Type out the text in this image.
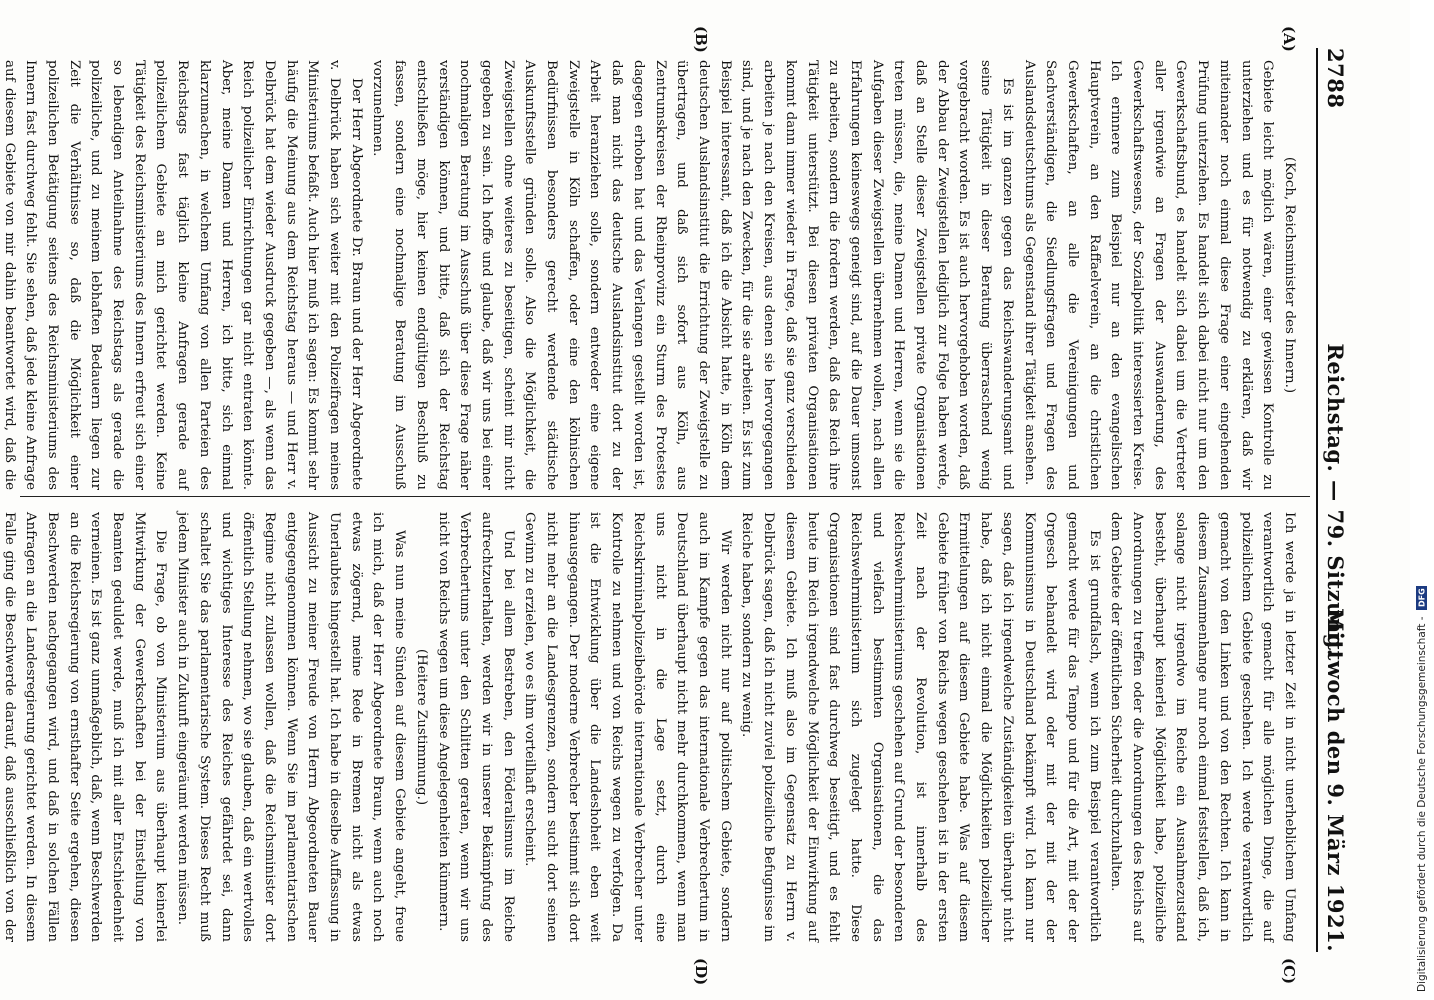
2788
Reichstag. — 79. Sitzung.
Mittwoch den 9. März 1921.
(A)
(B)
(C)
(D)

(Koch, Reichsminister des Innern.)

Gebiete leicht möglich wären, einer gewissen Kontrolle zu unterziehen und es für notwendig zu erklären, daß wir miteinander noch einmal diese Frage einer eingehenden Prüfung unterziehen. Es handelt sich dabei nicht nur um den Gewerkschaftsbund, es handelt sich dabei um die Vertreter aller irgendwie an Fragen der Auswanderung, des Gewerkschaftswesens, der Sozialpolitik interessierten Kreise. Ich erinnere zum Beispiel nur an den evangelischen Hauptverein, an den Raffaelverein, an die christlichen Gewerkschaften, an alle die Vereinigungen und Sachverständigen, die Siedlungsfragen und Fragen des Auslandsdeutschtums als Gegenstand ihrer Tätigkeit ansehen.

Es ist im ganzen gegen das Reichswanderungsamt und seine Tätigkeit in dieser Beratung überraschend wenig vorgebracht worden. Es ist auch hervorgehoben worden, daß der Abbau der Zweigstellen lediglich zur Folge haben werde, daß an Stelle dieser Zweigstellen private Organisationen treten müssen, die, meine Damen und Herren, wenn sie die Aufgaben dieser Zweigstellen übernehmen wollen, nach allen Erfahrungen keineswegs geneigt sind, auf die Dauer umsonst zu arbeiten, sondern die fordern werden, daß das Reich ihre Tätigkeit unterstützt. Bei diesen privaten Organisationen kommt dann immer wieder in Frage, daß sie ganz verschieden arbeiten je nach den Kreisen, aus denen sie hervorgegangen sind, und je nach den Zwecken, für die sie arbeiten. Es ist zum Beispiel interessant, daß ich die Absicht hatte, in Köln dem deutschen Auslandsinstitut die Errichtung der Zweigstelle zu übertragen, und daß sich sofort aus Köln, aus Zentrumskreisen der Rheinprovinz ein Sturm des Protestes dagegen erhoben hat und das Verlangen gestellt worden ist, daß man nicht das deutsche Auslandsinstitut dort zu der Arbeit heranziehen solle, sondern entweder eine eigene Zweigstelle in Köln schaffen, oder eine den kölnischen Bedürfnissen besonders gerecht werdende städtische Auskunftsstelle gründen solle. Also die Möglichkeit, die Zweigstellen ohne weiteres zu beseitigen, scheint mir nicht gegeben zu sein. Ich hoffe und glaube, daß wir uns bei einer nochmaligen Beratung im Ausschuß über diese Frage näher verständigen können, und bitte, daß sich der Reichstag entschließen möge, hier keinen endgültigen Beschluß zu fassen, sondern eine nochmalige Beratung im Ausschuß vorzunehmen.

Der Herr Abgeordnete Dr. Braun und der Herr Abgeordnete v. Delbrück haben sich weiter mit den Polizeifragen meines Ministeriums befaßt. Auch hier muß ich sagen: Es kommt sehr häufig die Meinung aus dem Reichstag heraus — und Herr v. Delbrück hat dem wieder Ausdruck gegeben —, als wenn das Reich polizeilicher Einrichtungen gar nicht entraten könnte. Aber, meine Damen und Herren, ich bitte, sich einmal klarzumachen, in welchem Umfang von allen Parteien des Reichstags fast täglich kleine Anfragen gerade auf polizeilichem Gebiete an mich gerichtet werden. Keine Tätigkeit des Reichsministeriums des Innern erfreut sich einer so lebendigen Anteilnahme des Reichstags als gerade die polizeiliche, und zu meinem lebhaften Bedauern liegen zur Zeit die Verhältnisse so, daß die Möglichkeit einer polizeilichen Betätigung seitens des Reichsministeriums des Innern fast durchweg fehlt. Sie sehen, daß jede kleine Anfrage auf diesem Gebiete von mir dahin beantwortet wird, daß die

Ich werde ja in letzter Zeit in nicht unerheblichem Umfang verantwortlich gemacht für alle möglichen Dinge, die auf polizeilichem Gebiete geschehen. Ich werde verantwortlich gemacht von den Linken und von den Rechten. Ich kann in diesem Zusammenhange nur noch einmal feststellen, daß ich, solange nicht irgendwo im Reiche ein Ausnahmezustand besteht, überhaupt keinerlei Möglichkeit habe, polizeiliche Anordnungen zu treffen oder die Anordnungen des Reichs auf dem Gebiete der öffentlichen Sicherheit durchzuhalten.

Es ist grundfalsch, wenn ich zum Beispiel verantwortlich gemacht werde für das Tempo und für die Art, mit der der Orgesch behandelt wird oder mit der mit der der Kommunismus in Deutschland bekämpft wird. Ich kann nur sagen, daß ich irgendwelche Zuständigkeiten überhaupt nicht habe, daß ich nicht einmal die Möglichkeiten polizeilicher Ermittelungen auf diesem Gebiete habe. Was auf diesem Gebiete früher von Reichs wegen geschehen ist in der ersten Zeit nach der Revolution, ist innerhalb des Reichswehrministeriums geschehen auf Grund der besonderen und vielfach bestimmten Organisationen, die das Reichswehrministerium sich zugelegt hatte. Diese Organisationen sind fast durchweg beseitigt, und es fehlt heute im Reich irgendwelche Möglichkeit der Einwirkung auf diesem Gebiete. Ich muß also im Gegensatz zu Herrn v. Delbrück sagen, daß ich nicht zuviel polizeiliche Befugnisse im Reiche haben, sondern zu wenig.

Wir werden nicht nur auf politischem Gebiete, sondern auch im Kampfe gegen das internationale Verbrechertum in Deutschland überhaupt nicht mehr durchkommen, wenn man uns nicht in die Lage setzt, durch eine Reichskriminalpolizeibehörde internationale Verbrecher unter Kontrolle zu nehmen und von Reichs wegen zu verfolgen. Da ist die Entwicklung über die Landeshoheit eben weit hinausgegangen. Der moderne Verbrecher bestimmt sich dort nicht mehr an die Landesgrenzen, sondern sucht dort seinen Gewinn zu erzielen, wo es ihm vorteilhaft erscheint.

Und bei allem Bestreben, den Föderalismus im Reiche aufrechtzuerhalten, werden wir in unserer Bekämpfung des Verbrechertums unter den Schlitten geraten, wenn wir uns nicht von Reichs wegen um diese Angelegenheiten kümmern.

(Heitere Zustimmung.)

Was nun meine Sünden auf diesem Gebiete angeht, freue ich mich, daß der Herr Abgeordnete Braun, wenn auch noch etwas zögernd, meine Rede in Bremen nicht als etwas Unerlaubtes hingestellt hat. Ich habe in dieselbe Auffassung in Aussicht zu meiner Freude von Herrn Abgeordneten Bauer entgegengenommen können. Wenn Sie im parlamentarischen Regime nicht zulassen wollen, daß die Reichsminister dort öffentlich Stellung nehmen, wo sie glauben, daß ein wertvolles und wichtiges Interesse des Reiches gefährdet sei, dann schaltet Sie das parlamentarische System. Dieses Recht muß jedem Minister auch in Zukunft eingeräumt werden müssen.

Die Frage, ob von Ministerium aus überhaupt keinerlei Mitwirkung der Gewerkschaften bei der Einstellung von Beamten geduldet werde, muß ich mit aller Entschiedenheit verneinen. Es ist ganz unmaßgeblich, daß, wenn Beschwerden an die Reichsregierung von ernsthafter Seite ergehen, diesen Beschwerden nachgegangen wird, und daß in solchen Fällen Anfragen an die Landesregierung gerichtet werden. In diesem Falle ging die Beschwerde darauf, daß ausschließlich von der	Digitalisierung gefördert durch die Deutsche Forschungsgemeinschaft -
DFG
